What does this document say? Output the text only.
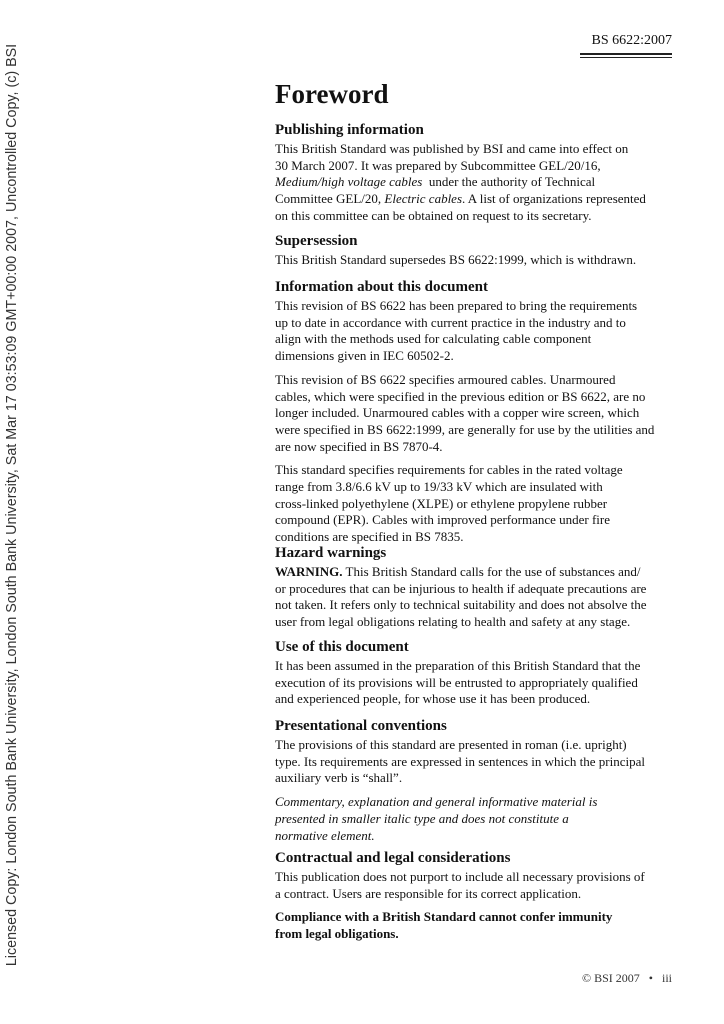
Licensed Copy: London South Bank University, London South Bank University, Sat Mar 17 03:53:09 GMT+00:00 2007, Uncontrolled Copy, (c) BSI
BS 6622:2007
Foreword
Publishing information
This British Standard was published by BSI and came into effect on
30 March 2007. It was prepared by Subcommittee GEL/20/16,
Medium/high voltage cables  under the authority of Technical
Committee GEL/20, Electric cables. A list of organizations represented
on this committee can be obtained on request to its secretary.
Supersession
This British Standard supersedes BS 6622:1999, which is withdrawn.
Information about this document
This revision of BS 6622 has been prepared to bring the requirements
up to date in accordance with current practice in the industry and to
align with the methods used for calculating cable component
dimensions given in IEC 60502-2.
This revision of BS 6622 specifies armoured cables. Unarmoured
cables, which were specified in the previous edition or BS 6622, are no
longer included. Unarmoured cables with a copper wire screen, which
were specified in BS 6622:1999, are generally for use by the utilities and
are now specified in BS 7870-4.
This standard specifies requirements for cables in the rated voltage
range from 3.8/6.6 kV up to 19/33 kV which are insulated with
cross-linked polyethylene (XLPE) or ethylene propylene rubber
compound (EPR). Cables with improved performance under fire
conditions are specified in BS 7835.
Hazard warnings
WARNING. This British Standard calls for the use of substances and/
or procedures that can be injurious to health if adequate precautions are
not taken. It refers only to technical suitability and does not absolve the
user from legal obligations relating to health and safety at any stage.
Use of this document
It has been assumed in the preparation of this British Standard that the
execution of its provisions will be entrusted to appropriately qualified
and experienced people, for whose use it has been produced.
Presentational conventions
The provisions of this standard are presented in roman (i.e. upright)
type. Its requirements are expressed in sentences in which the principal
auxiliary verb is “shall”.
Commentary, explanation and general informative material is
presented in smaller italic type and does not constitute a
normative element.
Contractual and legal considerations
This publication does not purport to include all necessary provisions of
a contract. Users are responsible for its correct application.
Compliance with a British Standard cannot confer immunity
from legal obligations.
© BSI 2007 • iii
